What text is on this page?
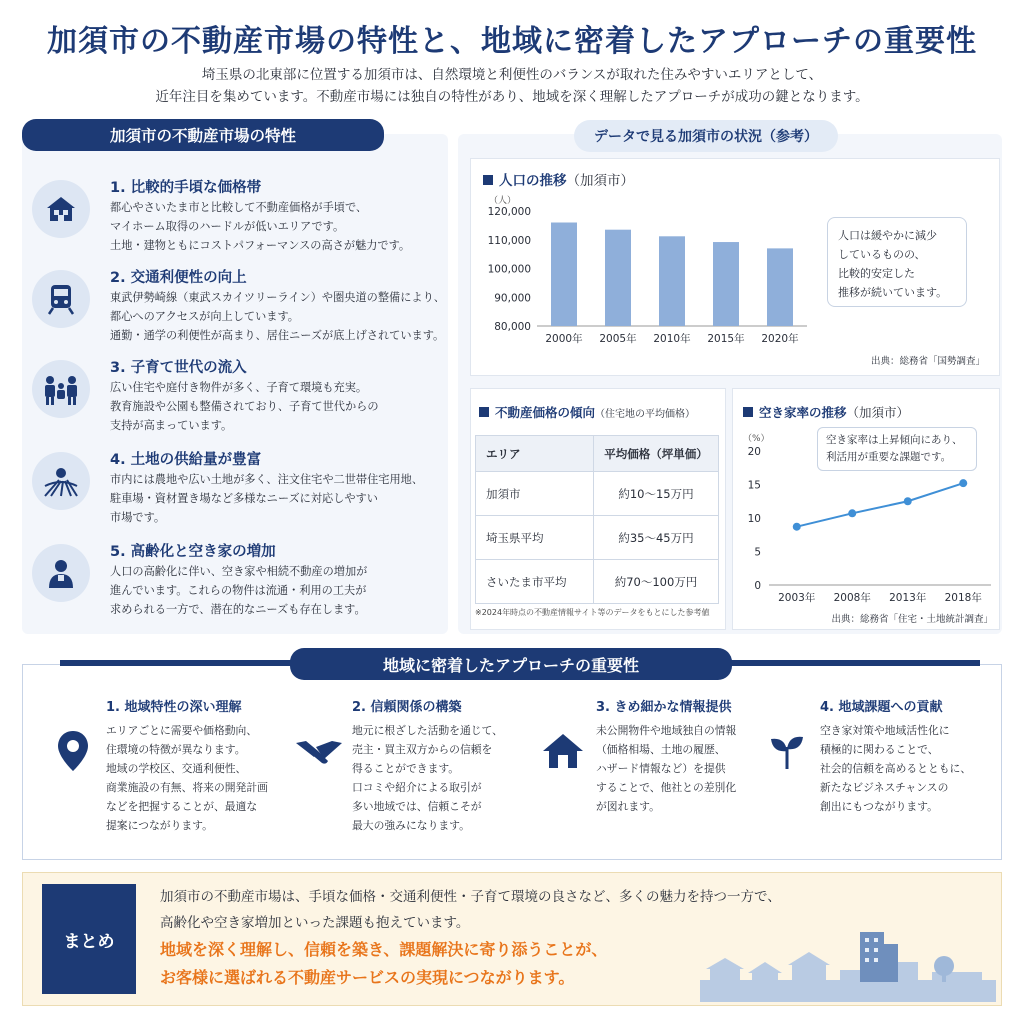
加須市の不動産市場の特性と、地域に密着したアプローチの重要性
埼玉県の北東部に位置する加須市は、自然環境と利便性のバランスが取れた住みやすいエリアとして、
近年注目を集めています。不動産市場には独自の特性があり、地域を深く理解したアプローチが成功の鍵となります。
加須市の不動産市場の特性
1. 比較的手頃な価格帯
都心やさいたま市と比較して不動産価格が手頃で、
マイホーム取得のハードルが低いエリアです。
土地・建物ともにコストパフォーマンスの高さが魅力です。
2. 交通利便性の向上
東武伊勢崎線（東武スカイツリーライン）や圏央道の整備により、
都心へのアクセスが向上しています。
通勤・通学の利便性が高まり、居住ニーズが底上げされています。
3. 子育て世代の流入
広い住宅や庭付き物件が多く、子育て環境も充実。
教育施設や公園も整備されており、子育て世代からの
支持が高まっています。
4. 土地の供給量が豊富
市内には農地や広い土地が多く、注文住宅や二世帯住宅用地、
駐車場・資材置き場など多様なニーズに対応しやすい
市場です。
5. 高齢化と空き家の増加
人口の高齢化に伴い、空き家や相続不動産の増加が
進んでいます。これらの物件は流通・利用の工夫が
求められる一方で、潜在的なニーズも存在します。
データで見る加須市の状況（参考）
人口の推移（加須市）
（人）
80,000
90,000
100,000
110,000
120,000
2000年 2005年 2010年 2015年 2020年
人口は緩やかに減少
しているものの、
比較的安定した
推移が続いています。
出典：総務省「国勢調査」
不動産価格の傾向（住宅地の平均価格）
エリア	平均価格（坪単価）
加須市	約10〜15万円
埼玉県平均	約35〜45万円
さいたま市平均	約70〜100万円
※2024年時点の不動産情報サイト等のデータをもとにした参考値
空き家率の推移（加須市）
（%）
0
5
10
15
20
2003年 2008年 2013年 2018年
空き家率は上昇傾向にあり、
利活用が重要な課題です。
出典：総務省「住宅・土地統計調査」
地域に密着したアプローチの重要性
1. 地域特性の深い理解
エリアごとに需要や価格動向、
住環境の特徴が異なります。
地域の学校区、交通利便性、
商業施設の有無、将来の開発計画
などを把握することが、最適な
提案につながります。
2. 信頼関係の構築
地元に根ざした活動を通じて、
売主・買主双方からの信頼を
得ることができます。
口コミや紹介による取引が
多い地域では、信頼こそが
最大の強みになります。
3. きめ細かな情報提供
未公開物件や地域独自の情報
（価格相場、土地の履歴、
ハザード情報など）を提供
することで、他社との差別化
が図れます。
4. 地域課題への貢献
空き家対策や地域活性化に
積極的に関わることで、
社会的信頼を高めるとともに、
新たなビジネスチャンスの
創出にもつながります。
まとめ
加須市の不動産市場は、手頃な価格・交通利便性・子育て環境の良さなど、多くの魅力を持つ一方で、
高齢化や空き家増加といった課題も抱えています。
地域を深く理解し、信頼を築き、課題解決に寄り添うことが、
お客様に選ばれる不動産サービスの実現につながります。
